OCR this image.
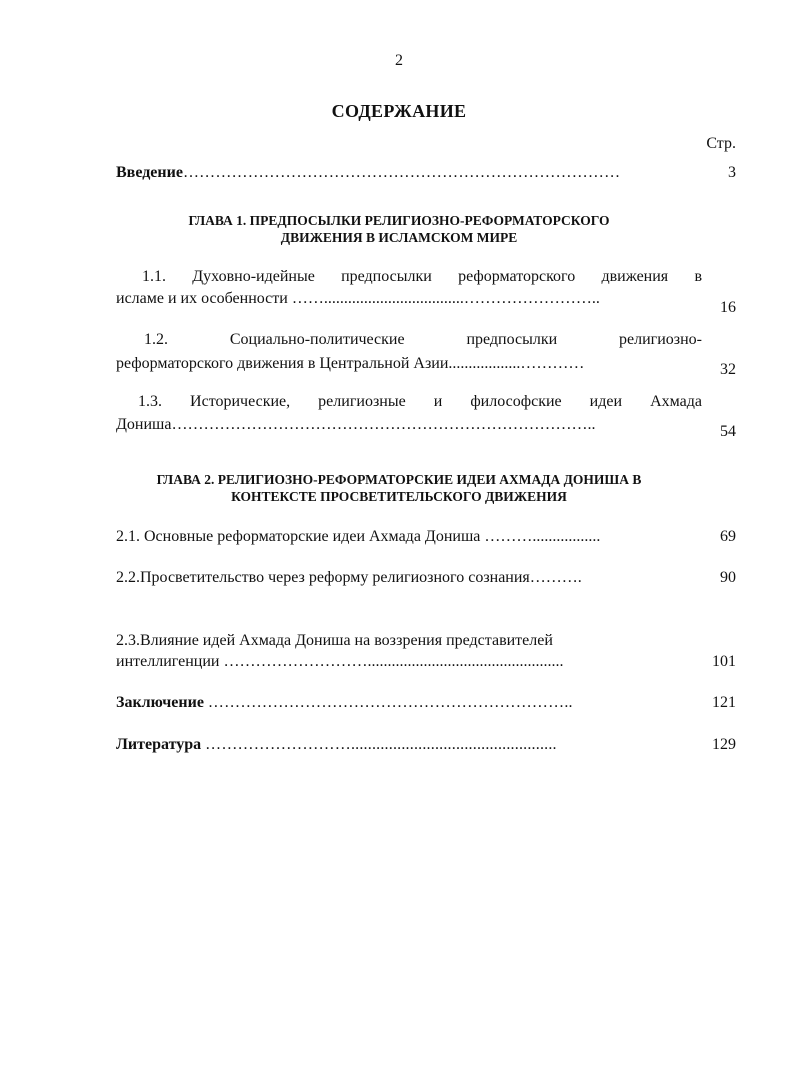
2
СОДЕРЖАНИЕ
Стр.
Введение………………………………………………………………………	3
ГЛАВА 1. ПРЕДПОСЫЛКИ РЕЛИГИОЗНО-РЕФОРМАТОРСКОГО
ДВИЖЕНИЯ В ИСЛАМСКОМ МИРЕ
1.1. Духовно-идейные предпосылки реформаторского движения в
исламе и их особенности ……...................................……………………..
16
1.2. Социально-политические предпосылки религиозно-
реформаторского движения в Центральной Азии..................…………	32
1.3. Исторические, религиозные и философские идеи Ахмада
Дониша……………………………………………………………………..	54
ГЛАВА 2. РЕЛИГИОЗНО-РЕФОРМАТОРСКИЕ ИДЕИ АХМАДА ДОНИША В
КОНТЕКСТЕ ПРОСВЕТИТЕЛЬСКОГО ДВИЖЕНИЯ
2.1. Основные реформаторские идеи Ахмада Дониша ……….................	69
2.2.Просветительство через реформу религиозного сознания……….	90
2.3.Влияние идей Ахмада Дониша на воззрения представителей
интеллигенции ……………………….................................................	101
Заключение …………………………………………………………..	121
Литература ……………………….................................................	129
